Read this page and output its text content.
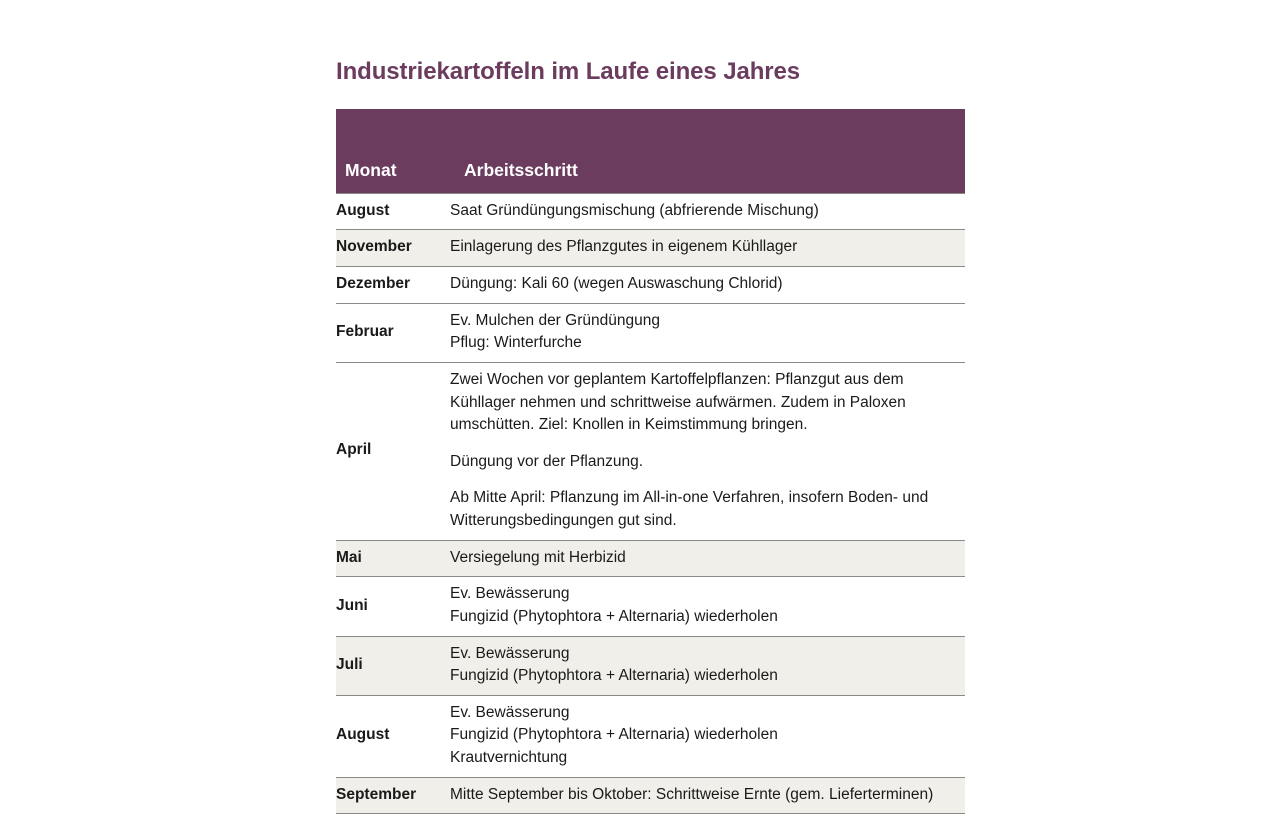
Industriekartoffeln im Laufe eines Jahres
Monat	Arbeitsschritt
August	Saat Gründüngungsmischung (abfrierende Mischung)

November	Einlagerung des Pflanzgutes in eigenem Kühllager

Dezember	Düngung: Kali 60 (wegen Auswaschung Chlorid)

Februar	Ev. Mulchen der Gründüngung
Pflug: Winterfurche

April	Zwei Wochen vor geplantem Kartoffelpflanzen: Pflanzgut aus dem Kühllager nehmen und schrittweise aufwärmen. Zudem in Paloxen umschütten. Ziel: Knollen in Keimstimmung bringen.
Düngung vor der Pflanzung.
Ab Mitte April: Pflanzung im All-in-one Verfahren, insofern Boden- und Witterungsbedingungen gut sind.

Mai	Versiegelung mit Herbizid

Juni	Ev. Bewässerung
Fungizid (Phytophtora + Alternaria) wiederholen

Juli	Ev. Bewässerung
Fungizid (Phytophtora + Alternaria) wiederholen

August	Ev. Bewässerung
Fungizid (Phytophtora + Alternaria) wiederholen
Krautvernichtung

September	Mitte September bis Oktober: Schrittweise Ernte (gem. Lieferterminen)
